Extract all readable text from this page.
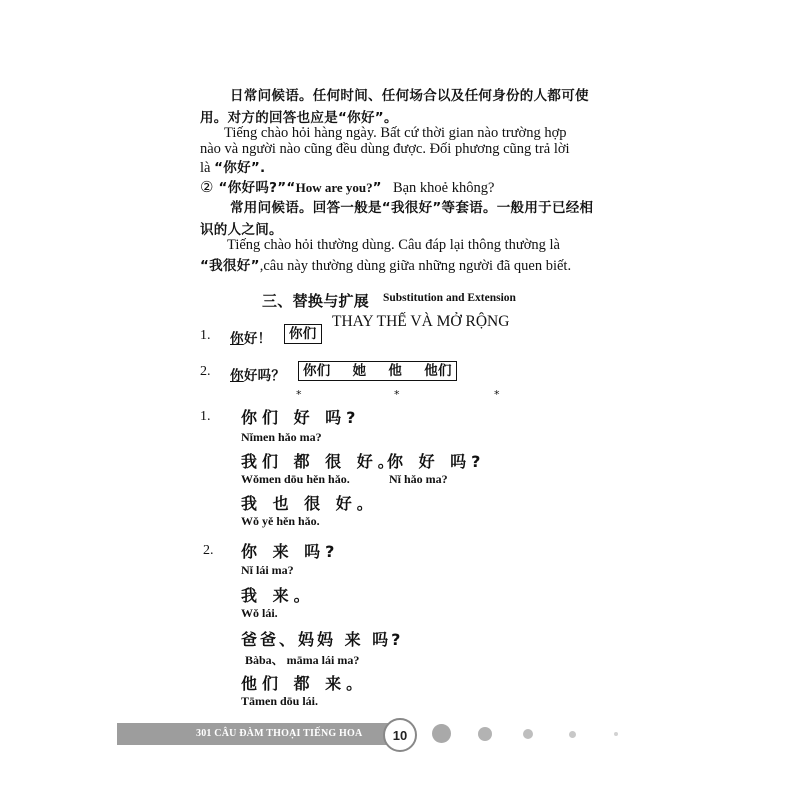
日常问候语。任何时间、任何场合以及任何身份的人都可使
用。对方的回答也应是“你好”。
Tiếng chào hỏi hàng ngày. Bất cứ thời gian nào trường hợp
nào và người nào cũng đều dùng được. Đối phương cũng trả lời
là “你好”.
② “你好吗?”“How are you?” Bạn khoẻ không?
常用问候语。回答一般是“我很好”等套语。一般用于已经相
识的人之间。
Tiếng chào hỏi thường dùng. Câu đáp lại thông thường là
“我很好”,câu này thường dùng giữa những người đã quen biết.
三、替换与扩展 Substitution and Extension
THAY THẾ VÀ MỞ RỘNG
1. 你好！	你们
2. 你好吗？	你们 她 他 他们
*	*	*
1. 你们 好 吗?
Nǐmen hǎo ma?
我们 都 很 好。
Wǒmen dōu hěn hǎo.
你 好 吗?
Nǐ hǎo ma?
我 也 很 好。
Wǒ yě hěn hǎo.
2. 你 来 吗?
Nǐ lái ma?
我 来。
Wǒ lái.
爸爸、妈妈 来 吗?
Bàba、 māma lái ma?
他们 都 来。
Tāmen dōu lái.
301 CÂU ĐÀM THOẠI TIẾNG HOA	10
